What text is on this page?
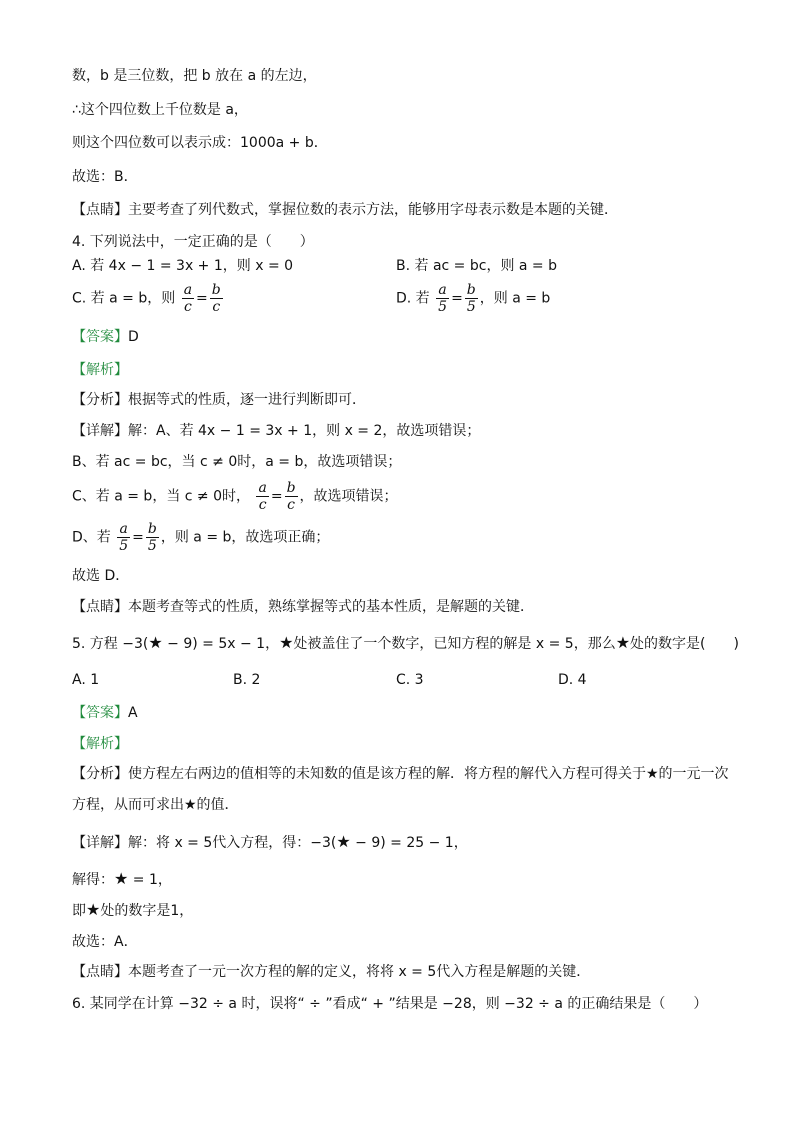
数，b 是三位数，把 b 放在 a 的左边，
∴这个四位数上千位数是 a，
则这个四位数可以表示成：1000a + b．
故选：B．
【点睛】主要考查了列代数式，掌握位数的表示方法，能够用字母表示数是本题的关键．
4. 下列说法中，一定正确的是（　　）
A. 若 4x − 1 = 3x + 1，则 x = 0	B. 若 ac = bc，则 a = b
C. 若 a = b，则 $\frac{a}{c} = \frac{b}{c}$	D. 若 $\frac{a}{5} = \frac{b}{5}$ ，则 a = b
【答案】D
【解析】
【分析】根据等式的性质，逐一进行判断即可．
【详解】解：A、若 4x − 1 = 3x + 1，则 x = 2，故选项错误；
B、若 ac = bc，当 c ≠ 0时，a = b，故选项错误；
C、若 a = b，当 c ≠ 0时， $\frac{a}{c} = \frac{b}{c}$ ，故选项错误；
D、若 $\frac{a}{5} = \frac{b}{5}$ ，则 a = b，故选项正确；
故选 D．
【点睛】本题考查等式的性质，熟练掌握等式的基本性质，是解题的关键．
5. 方程 −3(★ − 9) = 5x − 1，★处被盖住了一个数字，已知方程的解是 x = 5，那么★处的数字是(　　)
A. 1	B. 2	C. 3	D. 4
【答案】A
【解析】
【分析】使方程左右两边的值相等的未知数的值是该方程的解．将方程的解代入方程可得关于★的一元一次
方程，从而可求出★的值．
【详解】解：将 x = 5代入方程，得：−3(★ − 9) = 25 − 1，
解得：★ = 1，
即★处的数字是1，
故选：A．
【点睛】本题考查了一元一次方程的解的定义，将将 x = 5代入方程是解题的关键．
6. 某同学在计算 −32 ÷ a 时，误将“ ÷ ”看成“ + ”结果是 −28，则 −32 ÷ a 的正确结果是（　　）
